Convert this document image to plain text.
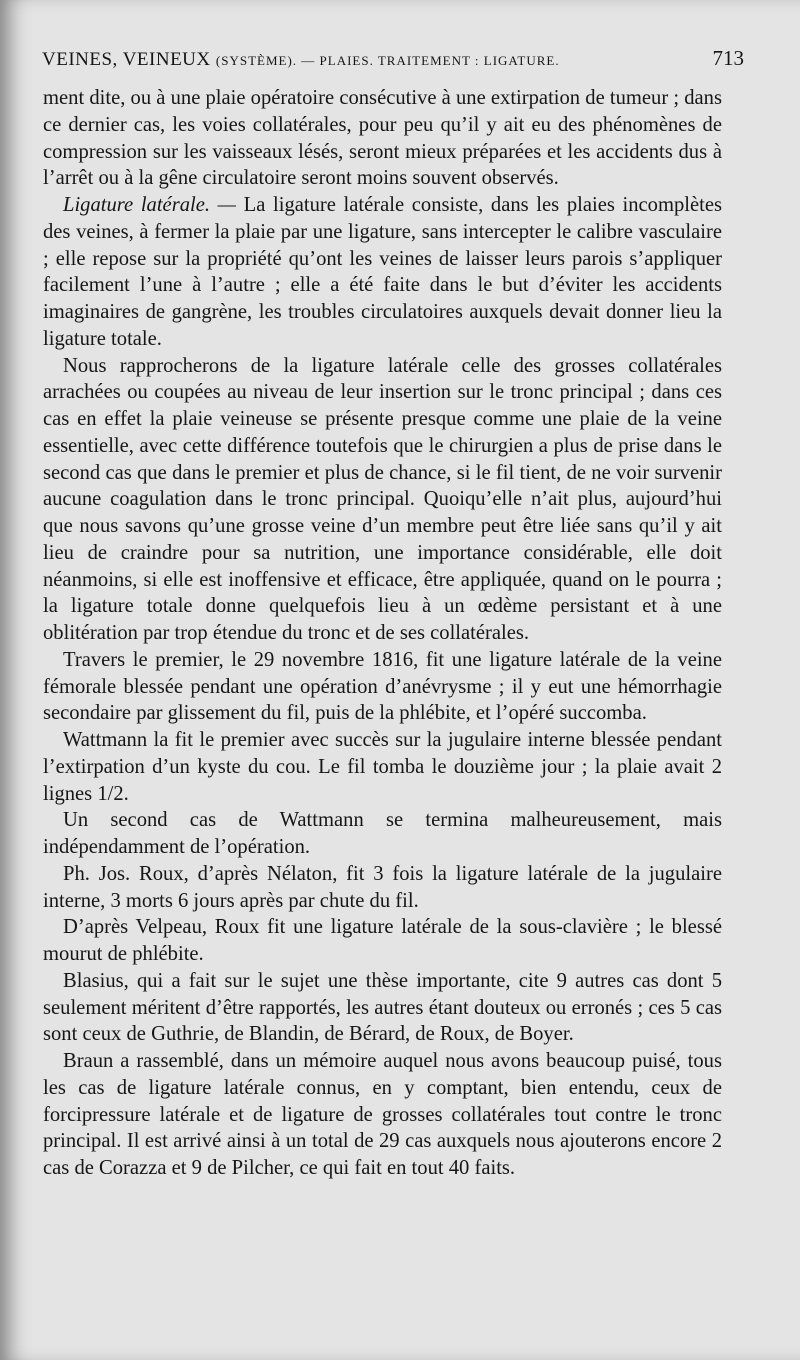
VEINES, VEINEUX (SYSTÈME). — PLAIES. TRAITEMENT : LIGATURE.	713

ment dite, ou à une plaie opératoire consécutive à une extirpation de tumeur ; dans ce dernier cas, les voies collatérales, pour peu qu’il y ait eu des phénomènes de compression sur les vaisseaux lésés, seront mieux préparées et les accidents dus à l’arrêt ou à la gêne circulatoire seront moins souvent observés.

Ligature latérale. — La ligature latérale consiste, dans les plaies incomplètes des veines, à fermer la plaie par une ligature, sans intercepter le calibre vasculaire ; elle repose sur la propriété qu’ont les veines de laisser leurs parois s’appliquer facilement l’une à l’autre ; elle a été faite dans le but d’éviter les accidents imaginaires de gangrène, les troubles circulatoires auxquels devait donner lieu la ligature totale.

Nous rapprocherons de la ligature latérale celle des grosses collatérales arrachées ou coupées au niveau de leur insertion sur le tronc principal ; dans ces cas en effet la plaie veineuse se présente presque comme une plaie de la veine essentielle, avec cette différence toutefois que le chirurgien a plus de prise dans le second cas que dans le premier et plus de chance, si le fil tient, de ne voir survenir aucune coagulation dans le tronc principal. Quoiqu’elle n’ait plus, aujourd’hui que nous savons qu’une grosse veine d’un membre peut être liée sans qu’il y ait lieu de craindre pour sa nutrition, une importance considérable, elle doit néanmoins, si elle est inoffensive et efficace, être appliquée, quand on le pourra ; la ligature totale donne quelquefois lieu à un œdème persistant et à une oblitération par trop étendue du tronc et de ses collatérales.

Travers le premier, le 29 novembre 1816, fit une ligature latérale de la veine fémorale blessée pendant une opération d’anévrysme ; il y eut une hémorrhagie secondaire par glissement du fil, puis de la phlébite, et l’opéré succomba.

Wattmann la fit le premier avec succès sur la jugulaire interne blessée pendant l’extirpation d’un kyste du cou. Le fil tomba le douzième jour ; la plaie avait 2 lignes 1/2.

Un second cas de Wattmann se termina malheureusement, mais indépendamment de l’opération.

Ph. Jos. Roux, d’après Nélaton, fit 3 fois la ligature latérale de la jugulaire interne, 3 morts 6 jours après par chute du fil.

D’après Velpeau, Roux fit une ligature latérale de la sous-clavière ; le blessé mourut de phlébite.

Blasius, qui a fait sur le sujet une thèse importante, cite 9 autres cas dont 5 seulement méritent d’être rapportés, les autres étant douteux ou erronés ; ces 5 cas sont ceux de Guthrie, de Blandin, de Bérard, de Roux, de Boyer.

Braun a rassemblé, dans un mémoire auquel nous avons beaucoup puisé, tous les cas de ligature latérale connus, en y comptant, bien entendu, ceux de forcipressure latérale et de ligature de grosses collatérales tout contre le tronc principal. Il est arrivé ainsi à un total de 29 cas auxquels nous ajouterons encore 2 cas de Corazza et 9 de Pilcher, ce qui fait en tout 40 faits.
